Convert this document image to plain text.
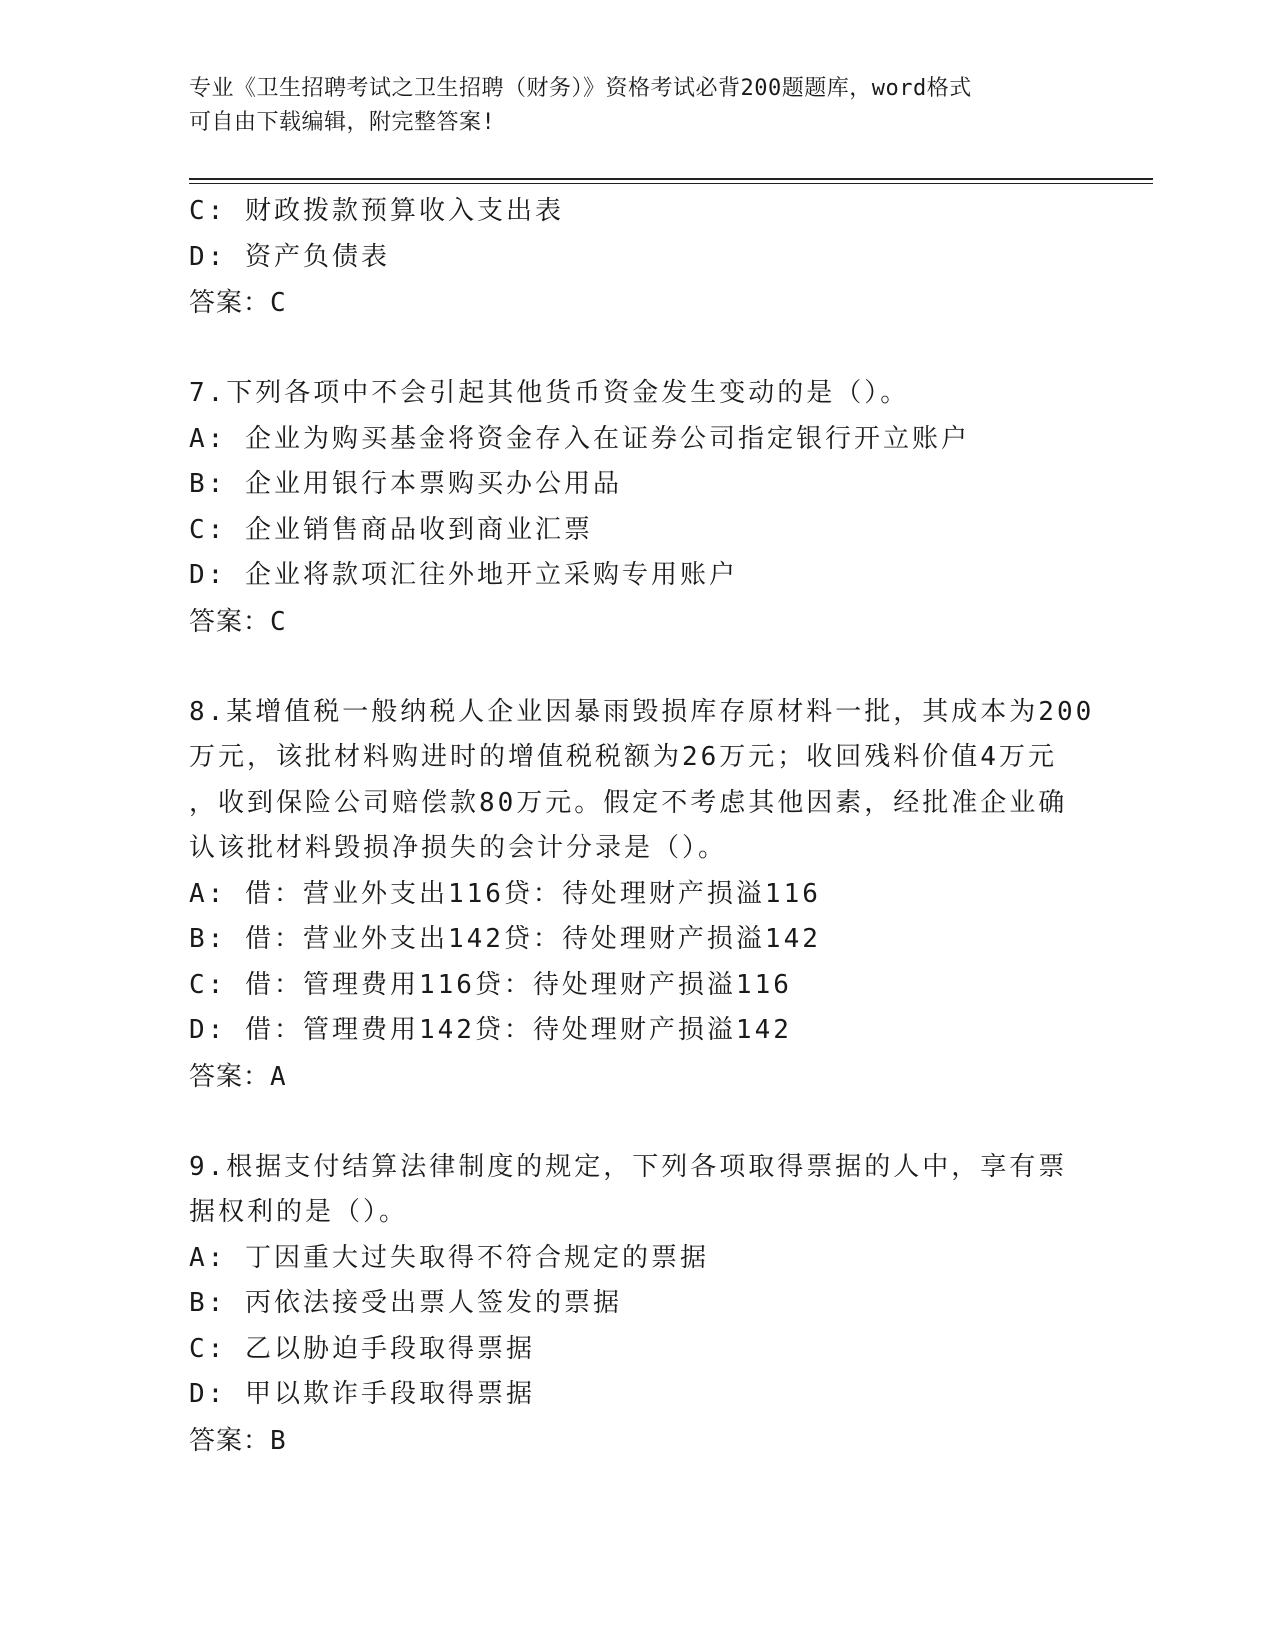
专业《卫生招聘考试之卫生招聘（财务）》资格考试必背200题题库，word格式
可自由下载编辑，附完整答案!
C: 财政拨款预算收入支出表
D: 资产负债表
答案：C
7.下列各项中不会引起其他货币资金发生变动的是（）。
A: 企业为购买基金将资金存入在证券公司指定银行开立账户
B: 企业用银行本票购买办公用品
C: 企业销售商品收到商业汇票
D: 企业将款项汇往外地开立采购专用账户
答案：C
8.某增值税一般纳税人企业因暴雨毁损库存原材料一批，其成本为200
万元，该批材料购进时的增值税税额为26万元；收回残料价值4万元
，收到保险公司赔偿款80万元。假定不考虑其他因素，经批准企业确
认该批材料毁损净损失的会计分录是（）。
A: 借：营业外支出116贷：待处理财产损溢116
B: 借：营业外支出142贷：待处理财产损溢142
C: 借：管理费用116贷：待处理财产损溢116
D: 借：管理费用142贷：待处理财产损溢142
答案：A
9.根据支付结算法律制度的规定，下列各项取得票据的人中，享有票
据权利的是（）。
A: 丁因重大过失取得不符合规定的票据
B: 丙依法接受出票人签发的票据
C: 乙以胁迫手段取得票据
D: 甲以欺诈手段取得票据
答案：B
